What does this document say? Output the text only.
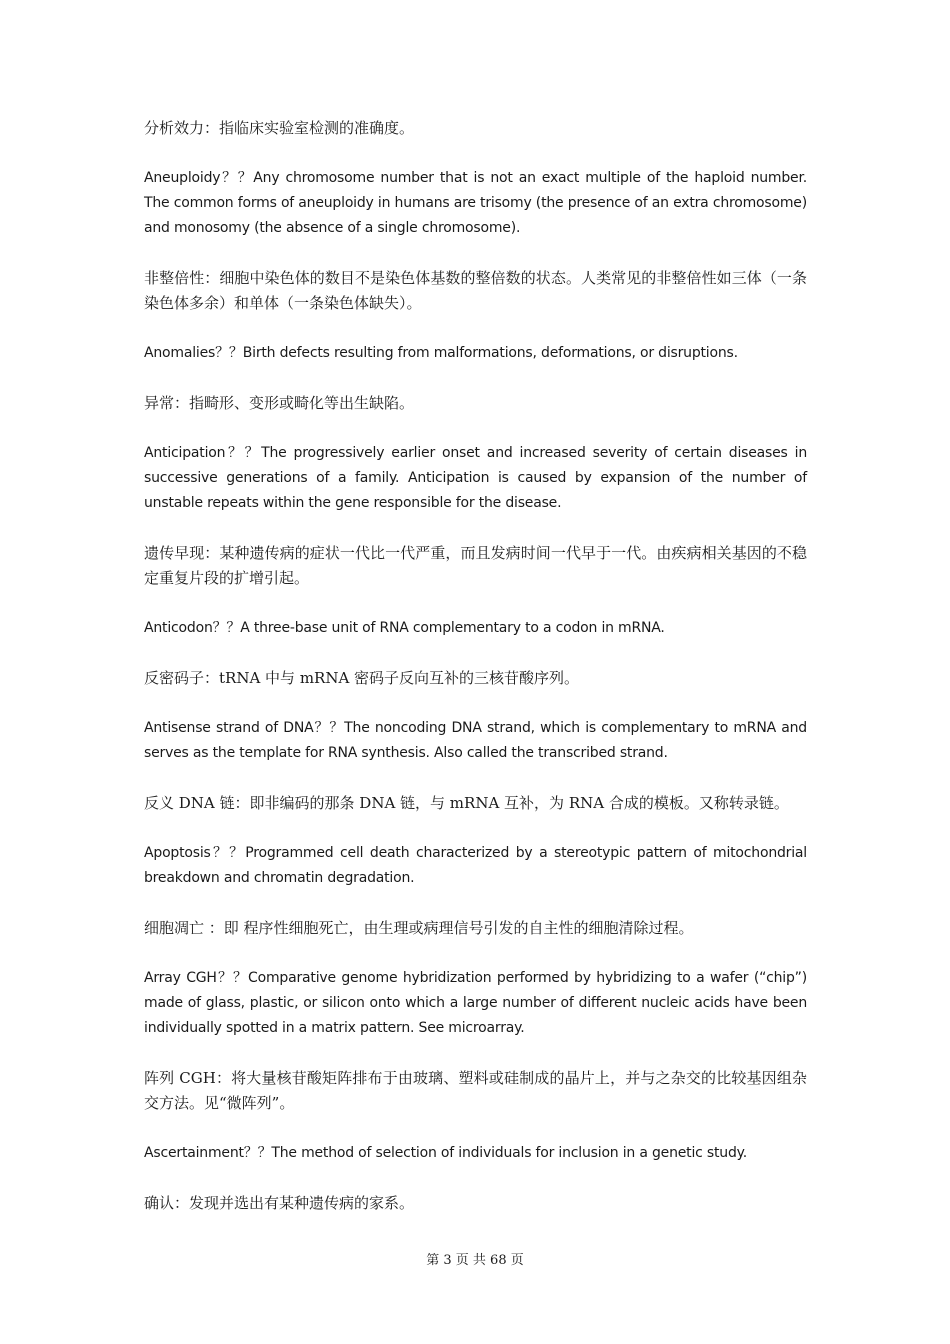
分析效力：指临床实验室检测的准确度。

Aneuploidy？？Any chromosome number that is not an exact multiple of the haploid number. The common forms of aneuploidy in humans are trisomy (the presence of an extra chromosome) and monosomy (the absence of a single chromosome).

非整倍性：细胞中染色体的数目不是染色体基数的整倍数的状态。人类常见的非整倍性如三体（一条染色体多余）和单体（一条染色体缺失）。

Anomalies？？Birth defects resulting from malformations, deformations, or disruptions.

异常：指畸形、变形或畸化等出生缺陷。

Anticipation？？The progressively earlier onset and increased severity of certain diseases in successive generations of a family. Anticipation is caused by expansion of the number of unstable repeats within the gene responsible for the disease.

遗传早现：某种遗传病的症状一代比一代严重，而且发病时间一代早于一代。由疾病相关基因的不稳定重复片段的扩增引起。

Anticodon？？A three-base unit of RNA complementary to a codon in mRNA.

反密码子：tRNA 中与 mRNA 密码子反向互补的三核苷酸序列。

Antisense strand of DNA？？The noncoding DNA strand, which is complementary to mRNA and serves as the template for RNA synthesis. Also called the transcribed strand.

反义 DNA 链：即非编码的那条 DNA 链，与 mRNA 互补，为 RNA 合成的模板。又称转录链。

Apoptosis？？Programmed cell death characterized by a stereotypic pattern of mitochondrial breakdown and chromatin degradation.

细胞凋亡 ：即 程序性细胞死亡，由生理或病理信号引发的自主性的细胞清除过程。

Array CGH？？Comparative genome hybridization performed by hybridizing to a wafer (“chip”) made of glass, plastic, or silicon onto which a large number of different nucleic acids have been individually spotted in a matrix pattern. See microarray.

阵列 CGH：将大量核苷酸矩阵排布于由玻璃、塑料或硅制成的晶片上，并与之杂交的比较基因组杂交方法。见“微阵列”。

Ascertainment？？The method of selection of individuals for inclusion in a genetic study.

确认：发现并选出有某种遗传病的家系。

第 3 页 共 68 页
